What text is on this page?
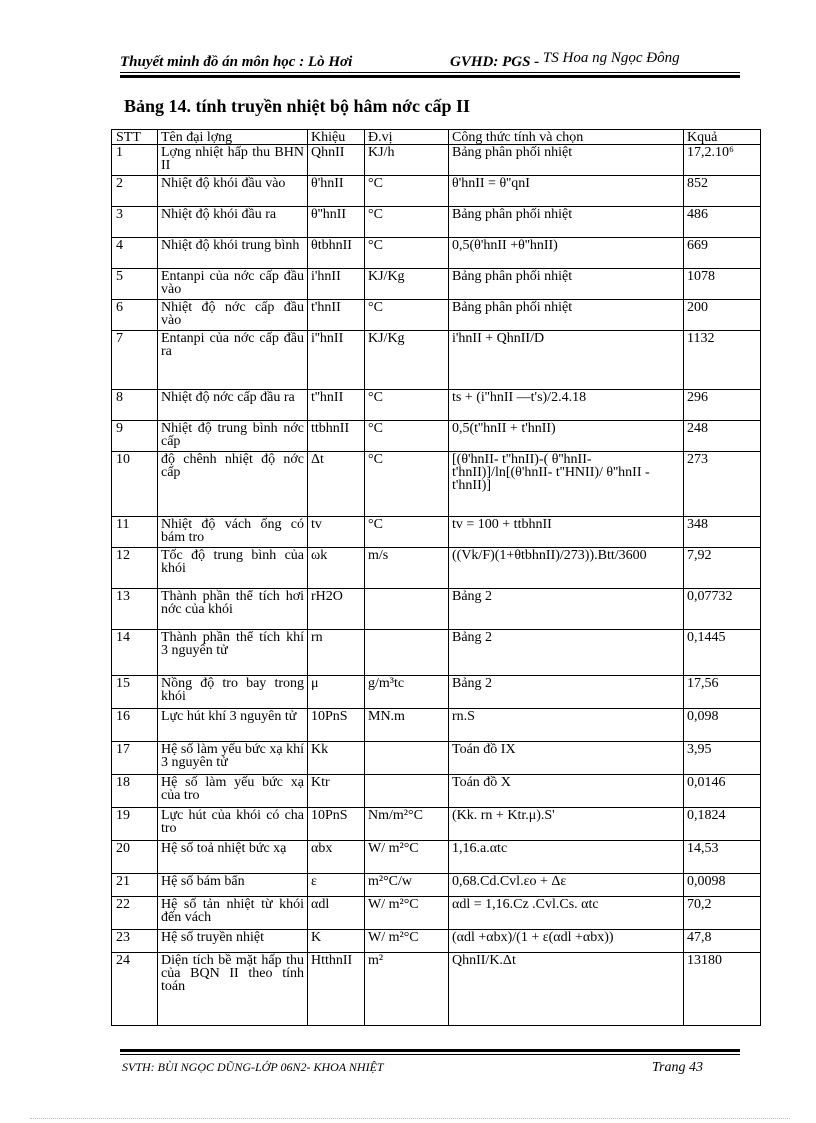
Thuyết minh đồ án môn học : Lò Hơi	GVHD: PGS - TS Hoa ng Ngọc Đông
Bảng 14. tính truyền nhiệt bộ hâm nớc cấp II
STT	Tên đại lợng	Khiệu	Đ.vị	Công thức tính và chọn	Kquả
1	Lợng nhiệt hấp thu BHN II	QhnII	KJ/h	Bảng phân phối nhiệt	17,2.10⁶
2	Nhiệt độ khói đầu vào	θ'hnII	°C	θ'hnII = θ''qnI	852
3	Nhiệt độ khói đầu ra	θ''hnII	°C	Bảng phân phối nhiệt	486
4	Nhiệt độ khói trung bình	θtbhnII	°C	0,5(θ'hnII +θ''hnII)	669
5	Entanpi của nớc cấp đầu vào	i'hnII	KJ/Kg	Bảng phân phối nhiệt	1078
6	Nhiệt độ nớc cấp đầu vào	t'hnII	°C	Bảng phân phối nhiệt	200
7	Entanpi của nớc cấp đầu ra	i''hnII	KJ/Kg	i'hnII + QhnII/D	1132
8	Nhiệt độ nớc cấp đầu ra	t''hnII	°C	ts + (i''hnII —t's)/2.4.18	296
9	Nhiệt độ trung bình nớc cấp	ttbhnII	°C	0,5(t''hnII + t'hnII)	248
10	độ chênh nhiệt độ nớc cấp	Δt	°C	[(θ'hnII- t''hnII)-( θ''hnII- t'hnII)]/ln[(θ'hnII- t''HNII)/ θ''hnII - t'hnII)]	273
11	Nhiệt độ vách ống có bám tro	tv	°C	tv = 100 + ttbhnII	348
12	Tốc độ trung bình của khói	ωk	m/s	((Vk/F)(1+θtbhnII)/273)).Btt/3600	7,92
13	Thành phần thể tích hơi nớc của khói	rH2O		Bảng 2	0,07732
14	Thành phần thể tích khí 3 nguyên tử	rn		Bảng 2	0,1445
15	Nồng độ tro bay trong khói	μ	g/m³tc	Bảng 2	17,56
16	Lực hút khí 3 nguyên tử	10PnS	MN.m	rn.S	0,098
17	Hệ số làm yếu bức xạ khí 3 nguyên tử	Kk		Toán đồ IX	3,95
18	Hệ số làm yếu bức xạ của tro	Ktr		Toán đồ X	0,0146
19	Lực hút của khói có cha tro	10PnS	Nm/m²°C	(Kk. rn + Ktr.μ).S'	0,1824
20	Hệ số toả nhiệt bức xạ	αbx	W/ m²°C	1,16.a.αtc	14,53
21	Hệ số bám bẩn	ε	m²°C/w	0,68.Cd.Cvl.εo + Δε	0,0098
22	Hệ số tản nhiệt từ khói đến vách	αdl	W/ m²°C	αdl = 1,16.Cz .Cvl.Cs. αtc	70,2
23	Hệ số truyền nhiệt	K	W/ m²°C	(αdl +αbx)/(1 + ε(αdl +αbx))	47,8
24	Diện tích bề mặt hấp thu của BQN II theo tính toán	HtthnII	m²	QhnII/K.Δt	13180
SVTH: BÙI NGỌC DŨNG-LỚP 06N2- KHOA NHIỆT	Trang 43
